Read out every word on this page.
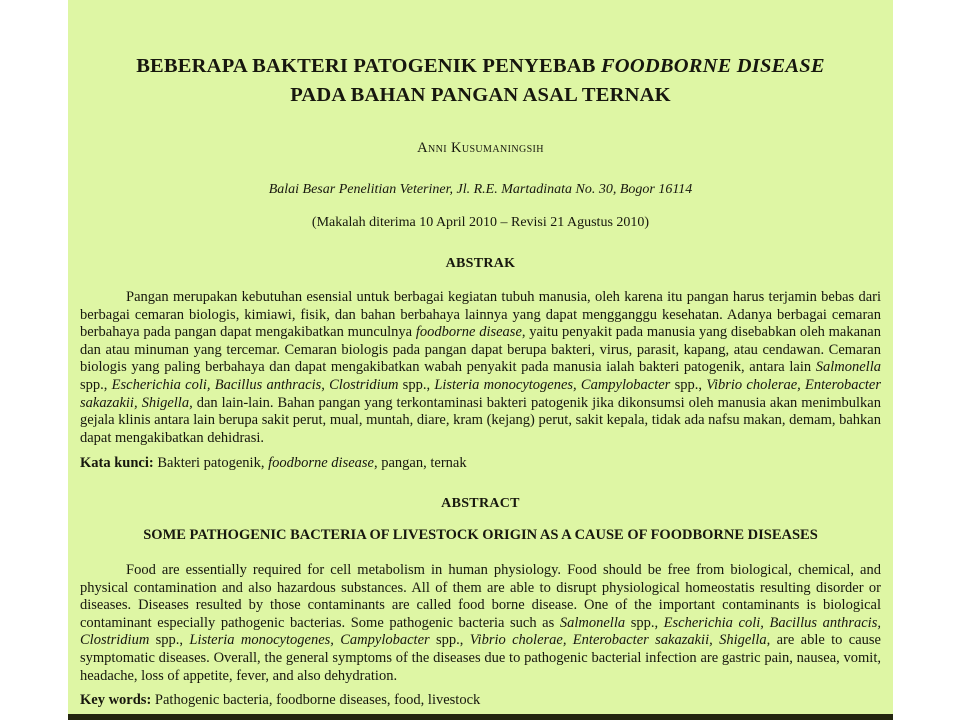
BEBERAPA BAKTERI PATOGENIK PENYEBAB FOODBORNE DISEASE
PADA BAHAN PANGAN ASAL TERNAK
Anni Kusumaningsih
Balai Besar Penelitian Veteriner, Jl. R.E. Martadinata No. 30, Bogor 16114
(Makalah diterima 10 April 2010 – Revisi 21 Agustus 2010)
ABSTRAK

Pangan merupakan kebutuhan esensial untuk berbagai kegiatan tubuh manusia, oleh karena itu pangan harus terjamin bebas dari berbagai cemaran biologis, kimiawi, fisik, dan bahan berbahaya lainnya yang dapat mengganggu kesehatan. Adanya berbagai cemaran berbahaya pada pangan dapat mengakibatkan munculnya foodborne disease, yaitu penyakit pada manusia yang disebabkan oleh makanan dan atau minuman yang tercemar. Cemaran biologis pada pangan dapat berupa bakteri, virus, parasit, kapang, atau cendawan. Cemaran biologis yang paling berbahaya dan dapat mengakibatkan wabah penyakit pada manusia ialah bakteri patogenik, antara lain Salmonella spp., Escherichia coli, Bacillus anthracis, Clostridium spp., Listeria monocytogenes, Campylobacter spp., Vibrio cholerae, Enterobacter sakazakii, Shigella, dan lain-lain. Bahan pangan yang terkontaminasi bakteri patogenik jika dikonsumsi oleh manusia akan menimbulkan gejala klinis antara lain berupa sakit perut, mual, muntah, diare, kram (kejang) perut, sakit kepala, tidak ada nafsu makan, demam, bahkan dapat mengakibatkan dehidrasi.

Kata kunci: Bakteri patogenik, foodborne disease, pangan, ternak

ABSTRACT
SOME PATHOGENIC BACTERIA OF LIVESTOCK ORIGIN AS A CAUSE OF FOODBORNE DISEASES

Food are essentially required for cell metabolism in human physiology. Food should be free from biological, chemical, and physical contamination and also hazardous substances. All of them are able to disrupt physiological homeostatis resulting disorder or diseases. Diseases resulted by those contaminants are called food borne disease. One of the important contaminants is biological contaminant especially pathogenic bacterias. Some pathogenic bacteria such as Salmonella spp., Escherichia coli, Bacillus anthracis, Clostridium spp., Listeria monocytogenes, Campylobacter spp., Vibrio cholerae, Enterobacter sakazakii, Shigella, are able to cause symptomatic diseases. Overall, the general symptoms of the diseases due to pathogenic bacterial infection are gastric pain, nausea, vomit, headache, loss of appetite, fever, and also dehydration.

Key words: Pathogenic bacteria, foodborne diseases, food, livestock
